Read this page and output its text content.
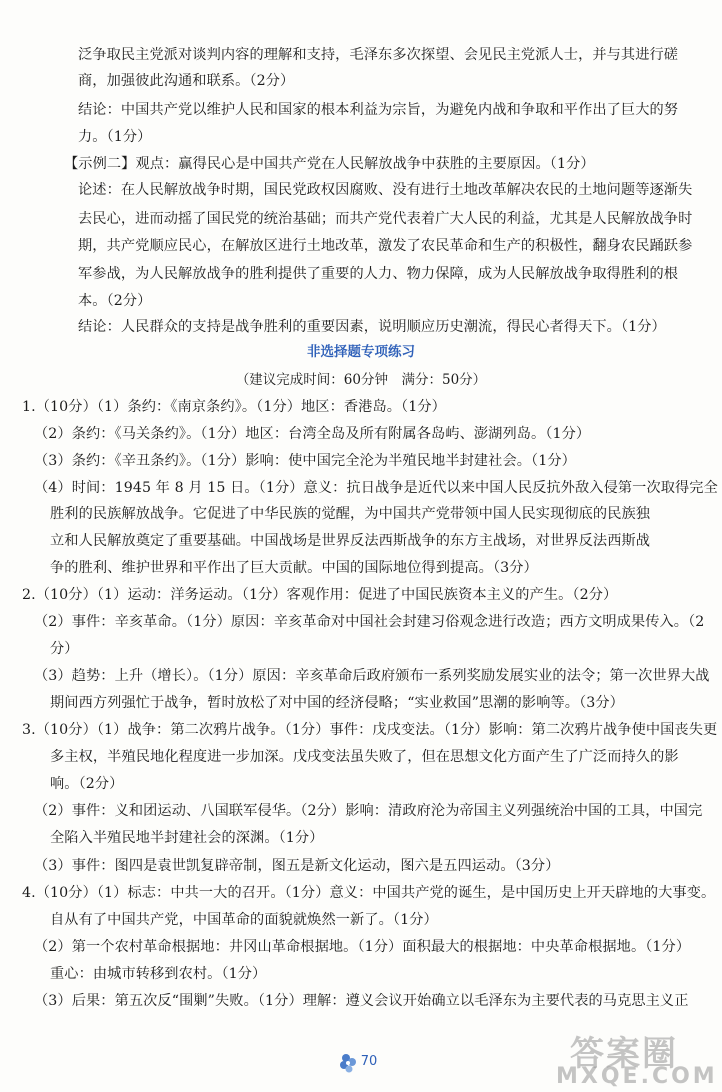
泛争取民主党派对谈判内容的理解和支持，毛泽东多次探望、会见民主党派人士，并与其进行磋
商，加强彼此沟通和联系。（2分）
结论：中国共产党以维护人民和国家的根本利益为宗旨，为避免内战和争取和平作出了巨大的努
力。（1分）
【示例二】观点：赢得民心是中国共产党在人民解放战争中获胜的主要原因。（1分）
论述：在人民解放战争时期，国民党政权因腐败、没有进行土地改革解决农民的土地问题等逐渐失
去民心，进而动摇了国民党的统治基础；而共产党代表着广大人民的利益，尤其是人民解放战争时
期，共产党顺应民心，在解放区进行土地改革，激发了农民革命和生产的积极性，翻身农民踊跃参
军参战，为人民解放战争的胜利提供了重要的人力、物力保障，成为人民解放战争取得胜利的根
本。（2分）
结论：人民群众的支持是战争胜利的重要因素，说明顺应历史潮流，得民心者得天下。（1分）
非选择题专项练习
（建议完成时间：60分钟　满分：50分）
1.（10分）（1）条约：《南京条约》。（1分）地区：香港岛。（1分）
（2）条约：《马关条约》。（1分）地区：台湾全岛及所有附属各岛屿、澎湖列岛。（1分）
（3）条约：《辛丑条约》。（1分）影响：使中国完全沦为半殖民地半封建社会。（1分）
（4）时间：1945 年 8 月 15 日。（1分）意义：抗日战争是近代以来中国人民反抗外敌入侵第一次取得完全
胜利的民族解放战争。它促进了中华民族的觉醒，为中国共产党带领中国人民实现彻底的民族独
立和人民解放奠定了重要基础。中国战场是世界反法西斯战争的东方主战场，对世界反法西斯战
争的胜利、维护世界和平作出了巨大贡献。中国的国际地位得到提高。（3分）
2.（10分）（1）运动：洋务运动。（1分）客观作用：促进了中国民族资本主义的产生。（2分）
（2）事件：辛亥革命。（1分）原因：辛亥革命对中国社会封建习俗观念进行改造；西方文明成果传入。（2
分）
（3）趋势：上升（增长）。（1分）原因：辛亥革命后政府颁布一系列奖励发展实业的法令；第一次世界大战
期间西方列强忙于战争，暂时放松了对中国的经济侵略；“实业救国”思潮的影响等。（3分）
3.（10分）（1）战争：第二次鸦片战争。（1分）事件：戊戌变法。（1分）影响：第二次鸦片战争使中国丧失更
多主权，半殖民地化程度进一步加深。戊戌变法虽失败了，但在思想文化方面产生了广泛而持久的影
响。（2分）
（2）事件：义和团运动、八国联军侵华。（2分）影响：清政府沦为帝国主义列强统治中国的工具，中国完
全陷入半殖民地半封建社会的深渊。（1分）
（3）事件：图四是袁世凯复辟帝制，图五是新文化运动，图六是五四运动。（3分）
4.（10分）（1）标志：中共一大的召开。（1分）意义：中国共产党的诞生，是中国历史上开天辟地的大事变。
自从有了中国共产党，中国革命的面貌就焕然一新了。（1分）
（2）第一个农村革命根据地：井冈山革命根据地。（1分）面积最大的根据地：中央革命根据地。（1分）
重心：由城市转移到农村。（1分）
（3）后果：第五次反“围剿”失败。（1分）理解：遵义会议开始确立以毛泽东为主要代表的马克思主义正
70	答案圈
MXQE.COM
